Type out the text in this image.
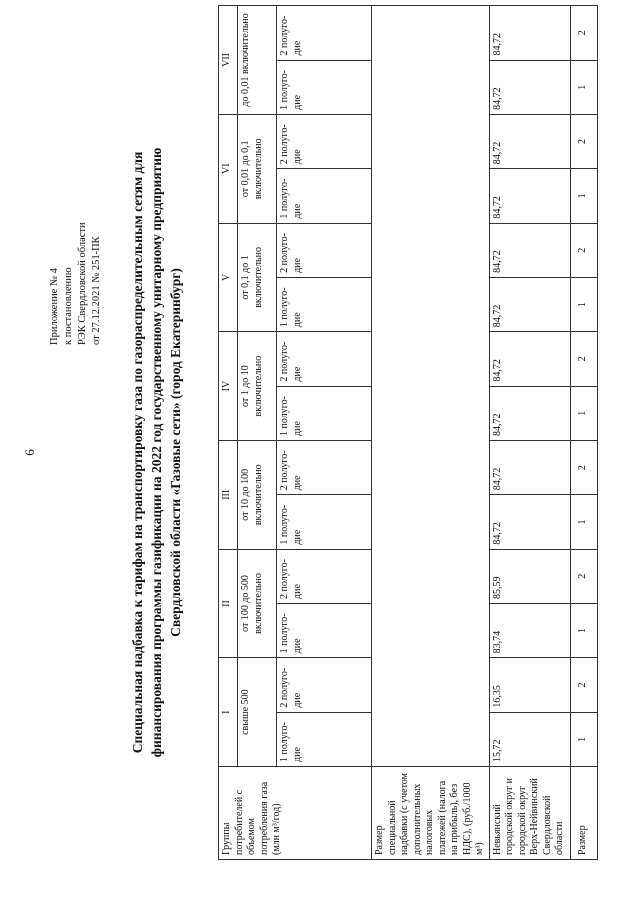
6
Приложение № 4 к постановлению РЭК Свердловской области от 27.12.2021 № 251-ПК Специальная надбавка к тарифам на транспортировку газа по газораспределительным сетям для финансирования программы газификации на 2022 год государственному унитарному предприятию Свердловской области «Газовые сети» (город Екатеринбург)
Группы потребителей с объемом потребления газа (млн м³/год)	I		II		III		IV		V		VI		VII	
	свыше 500		от 100 до 500 включительно		от 10 до 100 включительно		от 1 до 10 включительно		от 0,1 до 1 включительно		от 0,01 до 0,1 включительно		до 0,01 включительно	
	1 полуго-дие	2 полуго-дие	1 полуго-дие	2 полуго-дие	1 полуго-дие	2 полуго-дие	1 полуго-дие	2 полуго-дие	1 полуго-дие	2 полуго-дие	1 полуго-дие	2 полуго-дие	1 полуго-дие	2 полуго-дие
Размер специальной надбавки (с учетом дополнительных налоговых платежей (налога на прибыль), без НДС), (руб./1000 м³)														
Невьянский городской округ и городской округ Верх-Нейвинский Свердловской области	15,72	16,35	83,74	85,59	84,72	84,72	84,72	84,72	84,72	84,72	84,72	84,72	84,72	84,72
Размер	1	2	1	2	1	2	1	2	1	2	1	2	1	2
